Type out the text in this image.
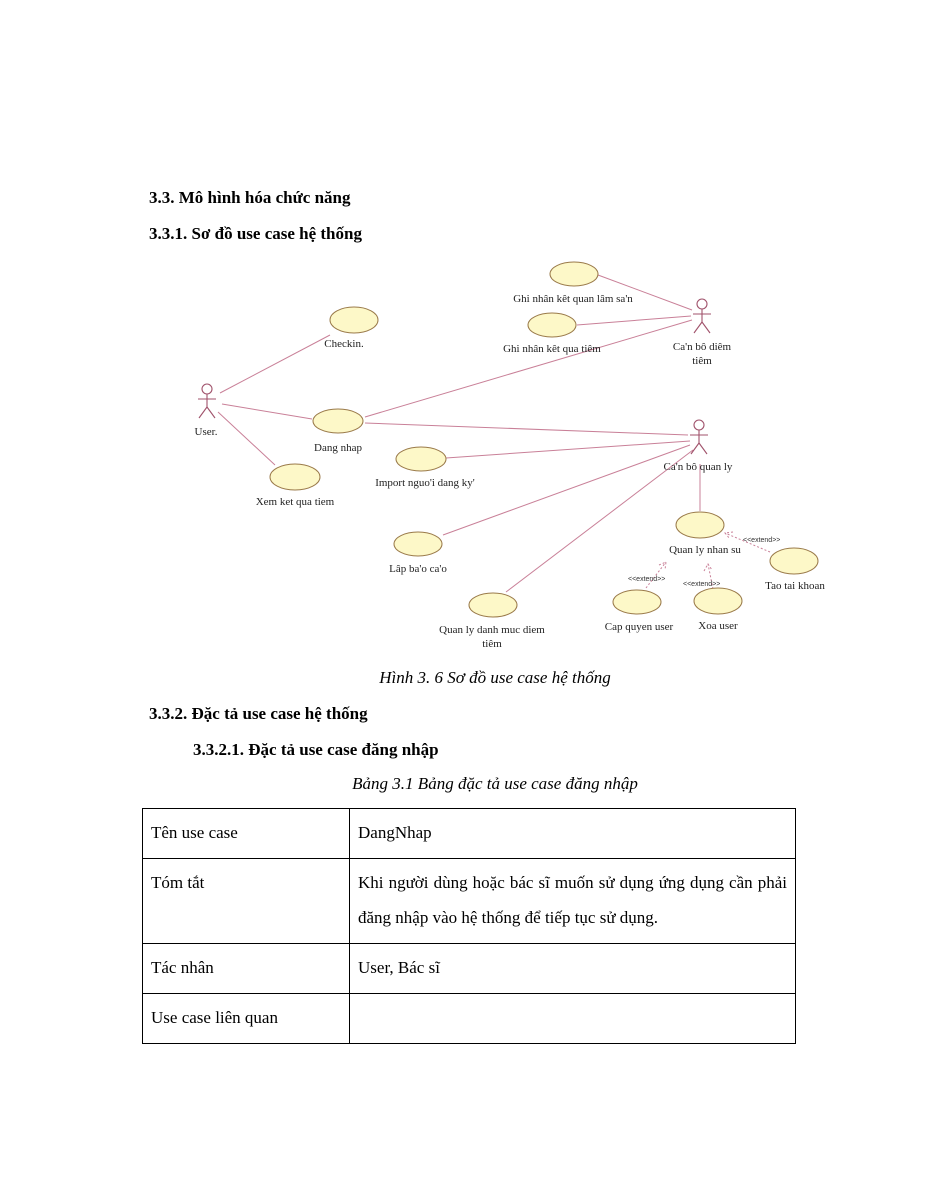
3.3. Mô hình hóa chức năng
3.3.1. Sơ đồ use case hệ thống
<<extend>>
<<extend>>
<<extend>>
Ghi nhân kêt quan lâm sa'n
Ghi nhân kêt qua tiêm
Checkin.
Dang nhap
Import nguo'i dang ky'
Xem ket qua tiem
Lâp ba'o ca'o
Quan ly danh muc diem
tiêm
Quan ly nhan su
Tao tai khoan
Cap quyen user Xoa user
User.
Ca'n bô diêm
tiêm
Ca'n bô quan ly
Hình 3. 6 Sơ đồ use case hệ thống
3.3.2. Đặc tả use case hệ thống
3.3.2.1. Đặc tả use case đăng nhập
Bảng 3.1 Bảng đặc tả use case đăng nhập
Tên use case	DangNhap
Tóm tắt	Khi người dùng hoặc bác sĩ muốn sử dụng ứng dụng cần phải đăng nhập vào hệ thống để tiếp tục sử dụng.
Tác nhân	User, Bác sĩ
Use case liên quan	
